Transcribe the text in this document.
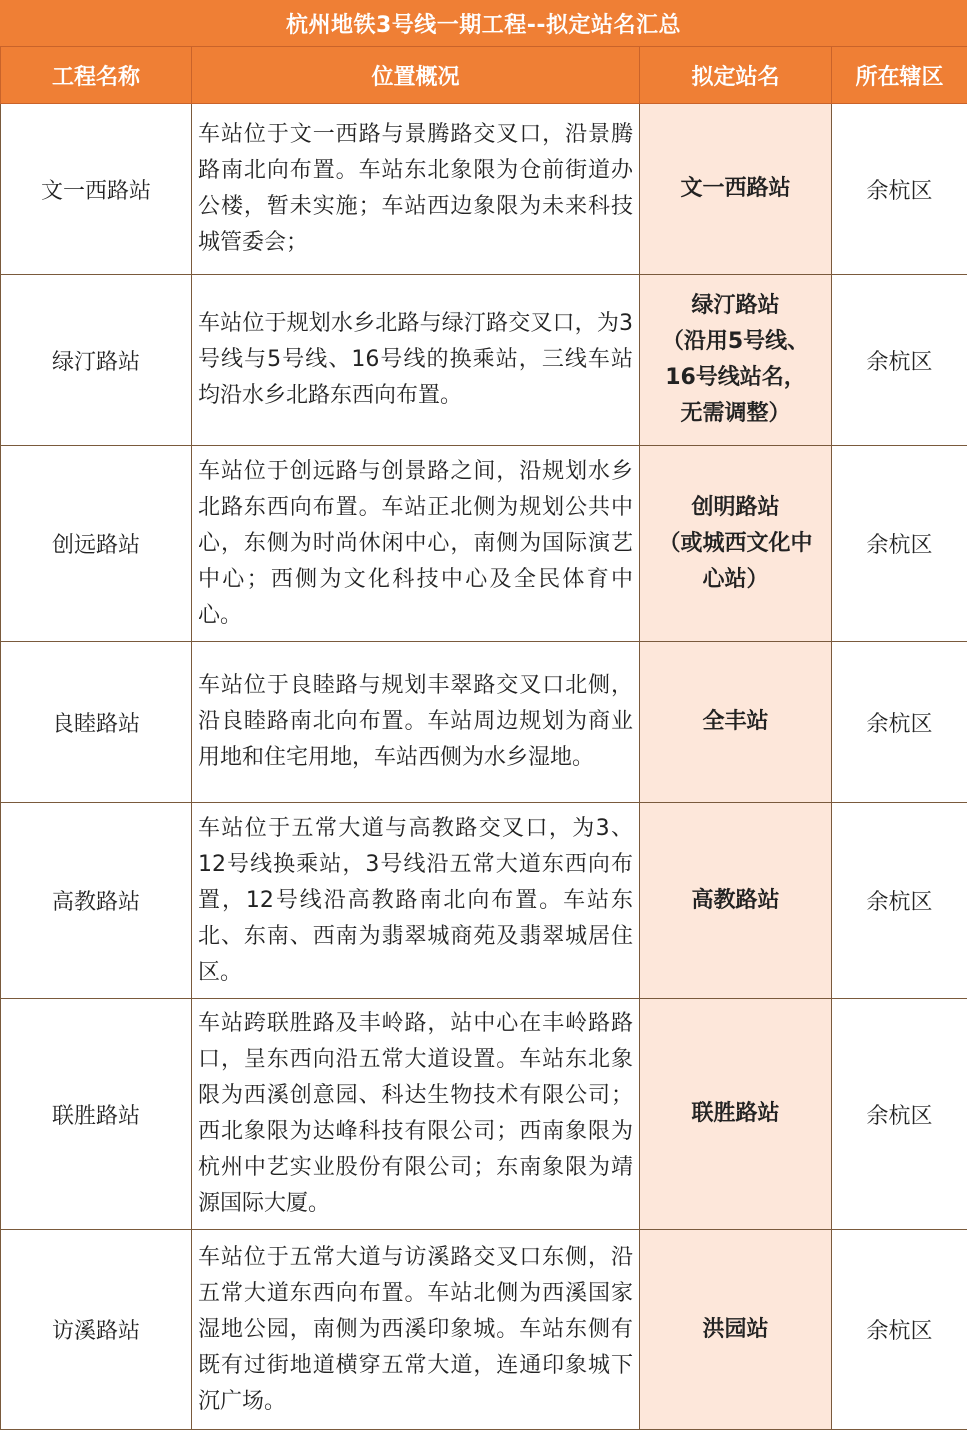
杭州地铁3号线一期工程--拟定站名汇总
工程名称	位置概况	拟定站名	所在辖区
文一西路站	车站位于文一西路与景腾路交叉口，沿景腾路南北向布置。车站东北象限为仓前街道办公楼，暂未实施；车站西边象限为未来科技城管委会；	文一西路站	余杭区
绿汀路站	车站位于规划水乡北路与绿汀路交叉口，为3号线与5号线、16号线的换乘站，三线车站均沿水乡北路东西向布置。	绿汀路站
（沿用5号线、
16号线站名，
无需调整）	余杭区
创远路站	车站位于创远路与创景路之间，沿规划水乡北路东西向布置。车站正北侧为规划公共中心，东侧为时尚休闲中心，南侧为国际演艺中心；西侧为文化科技中心及全民体育中心。	创明路站
（或城西文化中
心站）	余杭区
良睦路站	车站位于良睦路与规划丰翠路交叉口北侧，沿良睦路南北向布置。车站周边规划为商业用地和住宅用地，车站西侧为水乡湿地。	全丰站	余杭区
高教路站	车站位于五常大道与高教路交叉口，为3、12号线换乘站，3号线沿五常大道东西向布置，12号线沿高教路南北向布置。车站东北、东南、西南为翡翠城商苑及翡翠城居住区。	高教路站	余杭区
联胜路站	车站跨联胜路及丰岭路，站中心在丰岭路路口，呈东西向沿五常大道设置。车站东北象限为西溪创意园、科达生物技术有限公司；西北象限为达峰科技有限公司；西南象限为杭州中艺实业股份有限公司；东南象限为靖源国际大厦。	联胜路站	余杭区
访溪路站	车站位于五常大道与访溪路交叉口东侧，沿五常大道东西向布置。车站北侧为西溪国家湿地公园，南侧为西溪印象城。车站东侧有既有过街地道横穿五常大道，连通印象城下沉广场。	洪园站	余杭区
